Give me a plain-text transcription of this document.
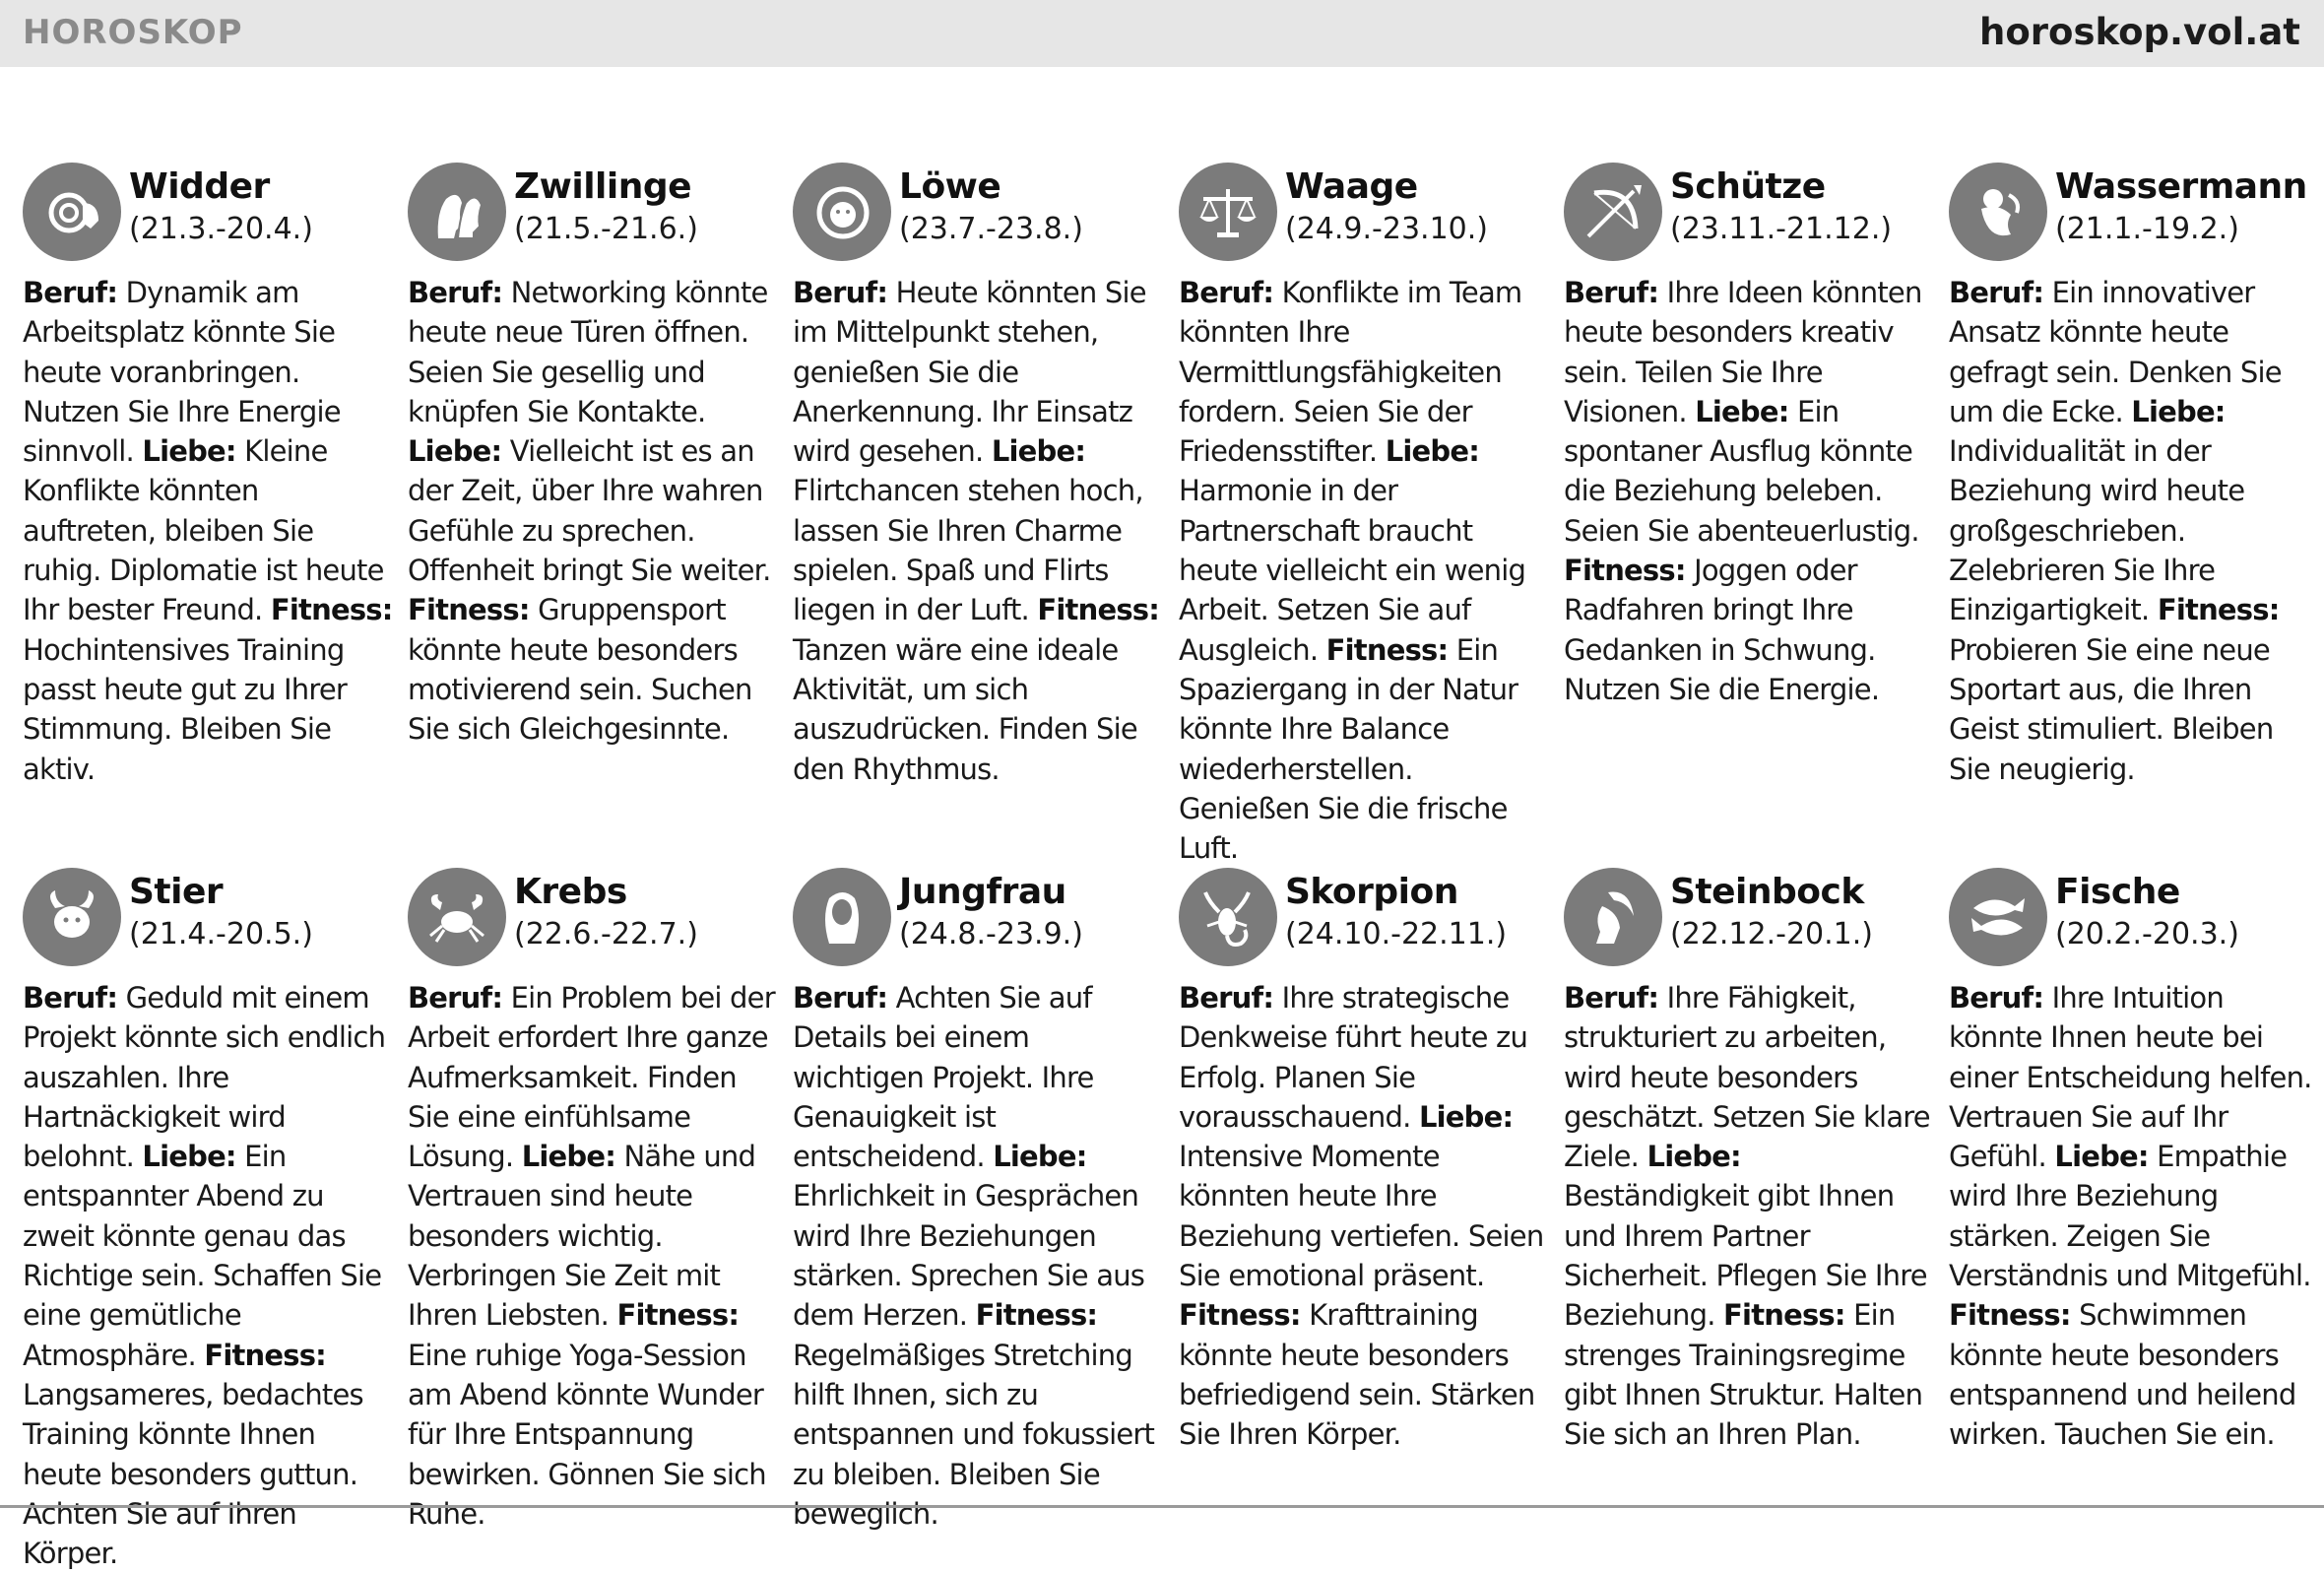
HOROSKOP	horoskop.vol.at
Widder
(21.3.-20.4.)
Beruf: Dynamik am Arbeitsplatz könnte Sie heute voranbringen. Nutzen Sie Ihre Energie sinnvoll. Liebe: Kleine Konflikte könnten auftreten, bleiben Sie ruhig. Diplomatie ist heute Ihr bester Freund. Fitness: Hochintensives Training passt heute gut zu Ihrer Stimmung. Bleiben Sie aktiv.
Zwillinge
(21.5.-21.6.)
Beruf: Networking könnte heute neue Türen öffnen. Seien Sie gesellig und knüpfen Sie Kontakte. Liebe: Vielleicht ist es an der Zeit, über Ihre wahren Gefühle zu sprechen. Offenheit bringt Sie weiter. Fitness: Gruppensport könnte heute besonders motivierend sein. Suchen Sie sich Gleichgesinnte.
Löwe
(23.7.-23.8.)
Beruf: Heute könnten Sie im Mittelpunkt stehen, genießen Sie die Anerkennung. Ihr Einsatz wird gesehen. Liebe: Flirtchancen stehen hoch, lassen Sie Ihren Charme spielen. Spaß und Flirts liegen in der Luft. Fitness: Tanzen wäre eine ideale Aktivität, um sich auszudrücken. Finden Sie den Rhythmus.
Waage
(24.9.-23.10.)
Beruf: Konflikte im Team könnten Ihre Vermittlungsfähigkeiten fordern. Seien Sie der Friedensstifter. Liebe: Harmonie in der Partnerschaft braucht heute vielleicht ein wenig Arbeit. Setzen Sie auf Ausgleich. Fitness: Ein Spaziergang in der Natur könnte Ihre Balance wiederherstellen. Genießen Sie die frische Luft.
Schütze
(23.11.-21.12.)
Beruf: Ihre Ideen könnten heute besonders kreativ sein. Teilen Sie Ihre Visionen. Liebe: Ein spontaner Ausflug könnte die Beziehung beleben. Seien Sie abenteuerlustig. Fitness: Joggen oder Radfahren bringt Ihre Gedanken in Schwung. Nutzen Sie die Energie.
Wassermann
(21.1.-19.2.)
Beruf: Ein innovativer Ansatz könnte heute gefragt sein. Denken Sie um die Ecke. Liebe: Individualität in der Beziehung wird heute großgeschrieben. Zelebrieren Sie Ihre Einzigartigkeit. Fitness: Probieren Sie eine neue Sportart aus, die Ihren Geist stimuliert. Bleiben Sie neugierig.
Stier
(21.4.-20.5.)
Beruf: Geduld mit einem Projekt könnte sich endlich auszahlen. Ihre Hartnäckigkeit wird belohnt. Liebe: Ein entspannter Abend zu zweit könnte genau das Richtige sein. Schaffen Sie eine gemütliche Atmosphäre. Fitness: Langsameres, bedachtes Training könnte Ihnen heute besonders guttun. Achten Sie auf Ihren Körper.
Krebs
(22.6.-22.7.)
Beruf: Ein Problem bei der Arbeit erfordert Ihre ganze Aufmerksamkeit. Finden Sie eine einfühlsame Lösung. Liebe: Nähe und Vertrauen sind heute besonders wichtig. Verbringen Sie Zeit mit Ihren Liebsten. Fitness: Eine ruhige Yoga-Session am Abend könnte Wunder für Ihre Entspannung bewirken. Gönnen Sie sich Ruhe.
Jungfrau
(24.8.-23.9.)
Beruf: Achten Sie auf Details bei einem wichtigen Projekt. Ihre Genauigkeit ist entscheidend. Liebe: Ehrlichkeit in Gesprächen wird Ihre Beziehungen stärken. Sprechen Sie aus dem Herzen. Fitness: Regelmäßiges Stretching hilft Ihnen, sich zu entspannen und fokussiert zu bleiben. Bleiben Sie beweglich.
Skorpion
(24.10.-22.11.)
Beruf: Ihre strategische Denkweise führt heute zu Erfolg. Planen Sie vorausschauend. Liebe: Intensive Momente könnten heute Ihre Beziehung vertiefen. Seien Sie emotional präsent. Fitness: Krafttraining könnte heute besonders befriedigend sein. Stärken Sie Ihren Körper.
Steinbock
(22.12.-20.1.)
Beruf: Ihre Fähigkeit, strukturiert zu arbeiten, wird heute besonders geschätzt. Setzen Sie klare Ziele. Liebe: Beständigkeit gibt Ihnen und Ihrem Partner Sicherheit. Pflegen Sie Ihre Beziehung. Fitness: Ein strenges Trainingsregime gibt Ihnen Struktur. Halten Sie sich an Ihren Plan.
Fische
(20.2.-20.3.)
Beruf: Ihre Intuition könnte Ihnen heute bei einer Entscheidung helfen. Vertrauen Sie auf Ihr Gefühl. Liebe: Empathie wird Ihre Beziehung stärken. Zeigen Sie Verständnis und Mitgefühl. Fitness: Schwimmen könnte heute besonders entspannend und heilend wirken. Tauchen Sie ein.
